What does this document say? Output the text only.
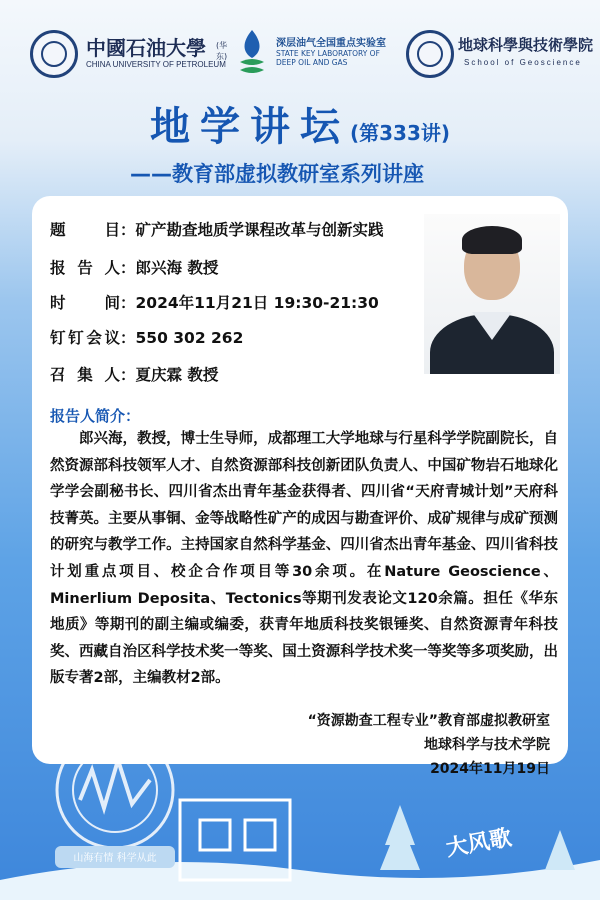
中國石油大學 (华东)
CHINA UNIVERSITY OF PETROLEUM
深层油气全国重点实验室
STATE KEY LABORATORY OF
DEEP OIL AND GAS
地球科學與技術學院
School of Geoscience
地学讲坛(第333讲)
——教育部虚拟教研室系列讲座
题　目：矿产勘查地质学课程改革与创新实践
报告人：郎兴海 教授
时　间：2024年11月21日 19:30-21:30
钉钉会议：550 302 262
召集人：夏庆霖 教授
报告人简介：

郎兴海，教授，博士生导师，成都理工大学地球与行星科学学院副院长，自然资源部科技领军人才、自然资源部科技创新团队负责人、中国矿物岩石地球化学学会副秘书长、四川省杰出青年基金获得者、四川省“天府青城计划”天府科技菁英。主要从事铜、金等战略性矿产的成因与勘查评价、成矿规律与成矿预测的研究与教学工作。主持国家自然科学基金、四川省杰出青年基金、四川省科技计划重点项目、校企合作项目等30余项。在Nature Geoscience、Minerlium Deposita、Tectonics等期刊发表论文120余篇。担任《华东地质》等期刊的副主编或编委，获青年地质科技奖银锤奖、自然资源青年科技奖、西藏自治区科学技术奖一等奖、国土资源科学技术奖一等奖等多项奖励，出版专著2部，主编教材2部。

“资源勘查工程专业”教育部虚拟教研室
地球科学与技术学院
2024年11月19日
山海有情 科学从此	大风歌
